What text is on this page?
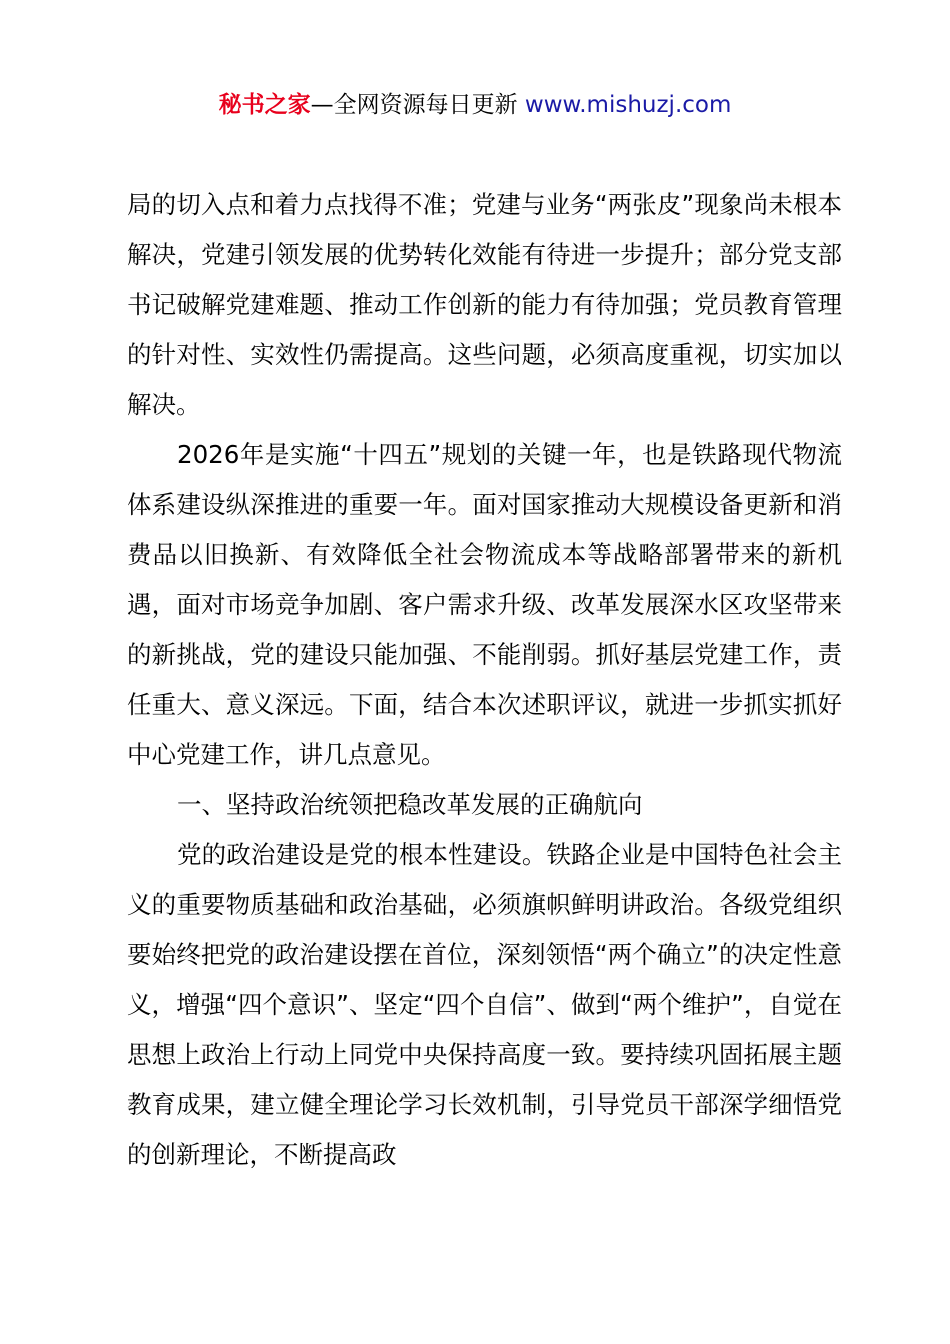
秘书之家—全网资源每日更新 www.mishuzj.com

局的切入点和着力点找得不准；党建与业务“两张皮”现象尚未根本解决，党建引领发展的优势转化效能有待进一步提升；部分党支部书记破解党建难题、推动工作创新的能力有待加强；党员教育管理的针对性、实效性仍需提高。这些问题，必须高度重视，切实加以解决。

2026年是实施“十四五”规划的关键一年，也是铁路现代物流体系建设纵深推进的重要一年。面对国家推动大规模设备更新和消费品以旧换新、有效降低全社会物流成本等战略部署带来的新机遇，面对市场竞争加剧、客户需求升级、改革发展深水区攻坚带来的新挑战，党的建设只能加强、不能削弱。抓好基层党建工作，责任重大、意义深远。下面，结合本次述职评议，就进一步抓实抓好中心党建工作，讲几点意见。

一、坚持政治统领把稳改革发展的正确航向

党的政治建设是党的根本性建设。铁路企业是中国特色社会主义的重要物质基础和政治基础，必须旗帜鲜明讲政治。各级党组织要始终把党的政治建设摆在首位，深刻领悟“两个确立”的决定性意义，增强“四个意识”、坚定“四个自信”、做到“两个维护”，自觉在思想上政治上行动上同党中央保持高度一致。要持续巩固拓展主题教育成果，建立健全理论学习长效机制，引导党员干部深学细悟党的创新理论，不断提高政
